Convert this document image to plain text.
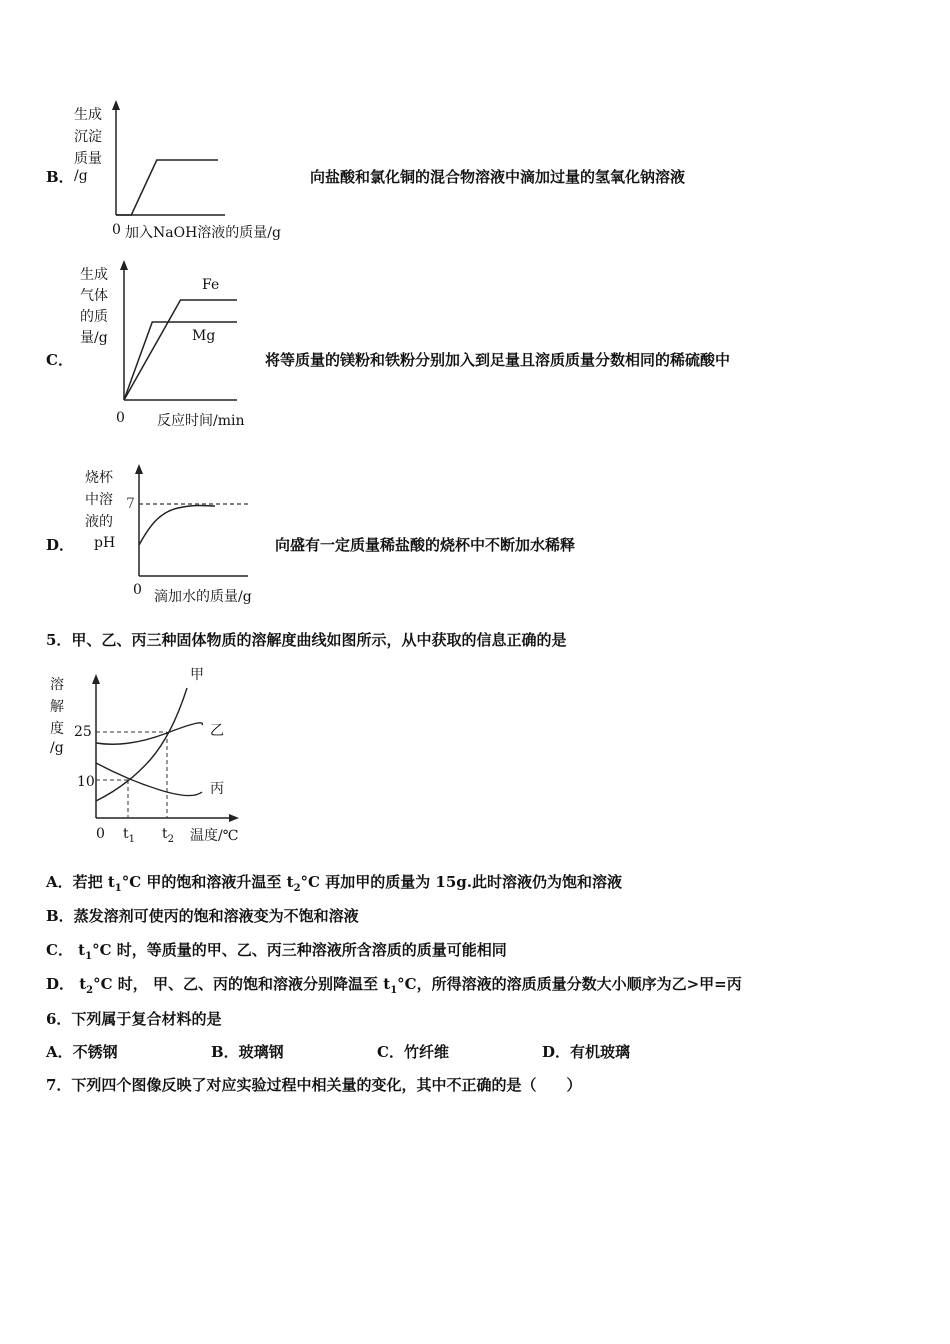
B．
生成
沉淀
质量
/g
0 加入NaOH溶液的质量/g
向盐酸和氯化铜的混合物溶液中滴加过量的氢氧化钠溶液
C．
生成
气体
的质
量/g
0 反应时间/min
Fe
Mg
将等质量的镁粉和铁粉分别加入到足量且溶质质量分数相同的稀硫酸中
D．
烧杯
中溶
液的
pH
0 滴加水的质量/g
7
向盛有一定质量稀盐酸的烧杯中不断加水稀释
5．甲、乙、丙三种固体物质的溶解度曲线如图所示，从中获取的信息正确的是
溶
解
度
/g
25
10
0 $t_1$ $t_2$ 温度/℃
甲
乙
丙
A．若把 $t_1^\circ C$ 甲的饱和溶液升温至 $t_2^\circ C$ 再加甲的质量为 15g.此时溶液仍为饱和溶液
B．蒸发溶剂可使丙的饱和溶液变为不饱和溶液
C． $t_1^\circ C$ 时，等质量的甲、乙、丙三种溶液所含溶质的质量可能相同
D． $t_2^\circ C$ 时， 甲、乙、丙的饱和溶液分别降温至 $t_1^\circ C$，所得溶液的溶质质量分数大小顺序为乙>甲=丙
6．下列属于复合材料的是
A．不锈钢	B．玻璃钢	C．竹纤维	D．有机玻璃
7．下列四个图像反映了对应实验过程中相关量的变化，其中不正确的是（　　）
